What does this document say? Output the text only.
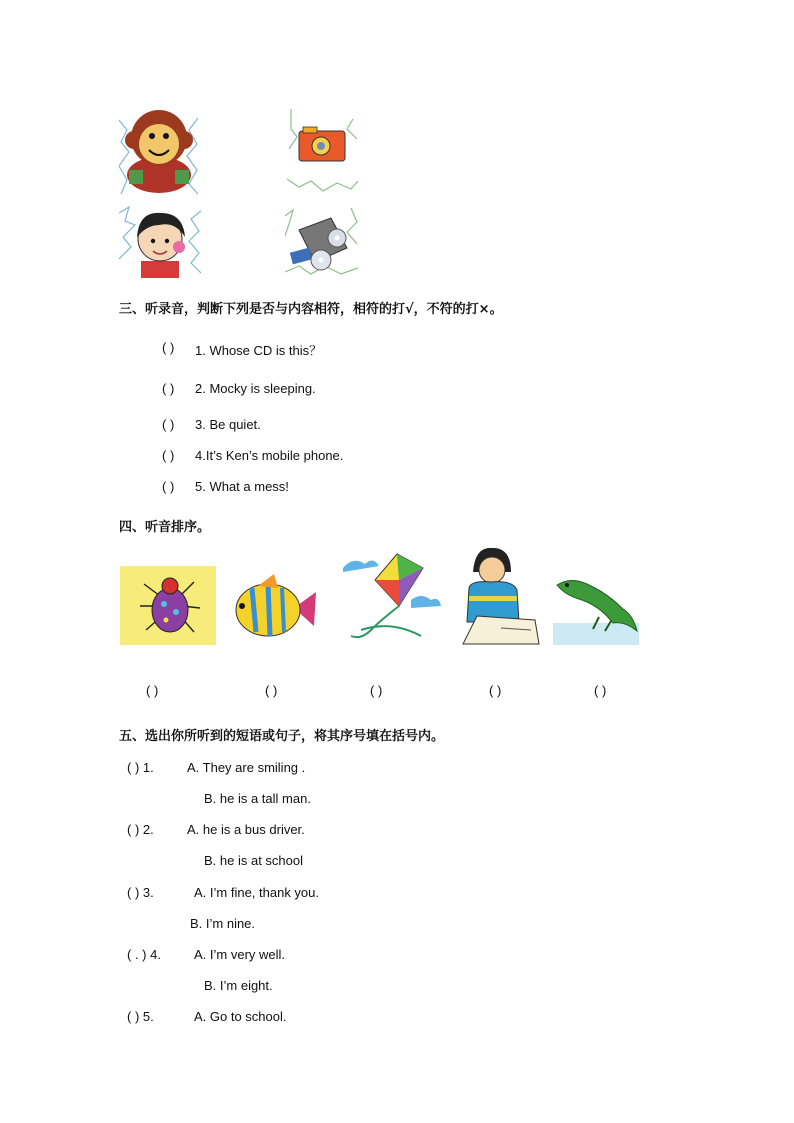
三、听录音，判断下列是否与内容相符，相符的打√，不符的打×。
( ) 1. Whose CD is this？
( ) 2. Mocky is sleeping.
( ) 3. Be quiet.
( ) 4.It’s Ken’s mobile phone.
( ) 5. What a mess!
四、听音排序。
( )	( )	( )	( )	( )
五、选出你所听到的短语或句子，将其序号填在括号内。
( ) 1.	A. They are smiling .
B. he is a tall man.
( ) 2.	A. he is a bus driver.
B. he is at school
( ) 3.	A. I’m fine, thank you.
B. I’m nine.
( . ) 4.	A. I’m very well.
B. I’m eight.
( ) 5.	A. Go to school.
